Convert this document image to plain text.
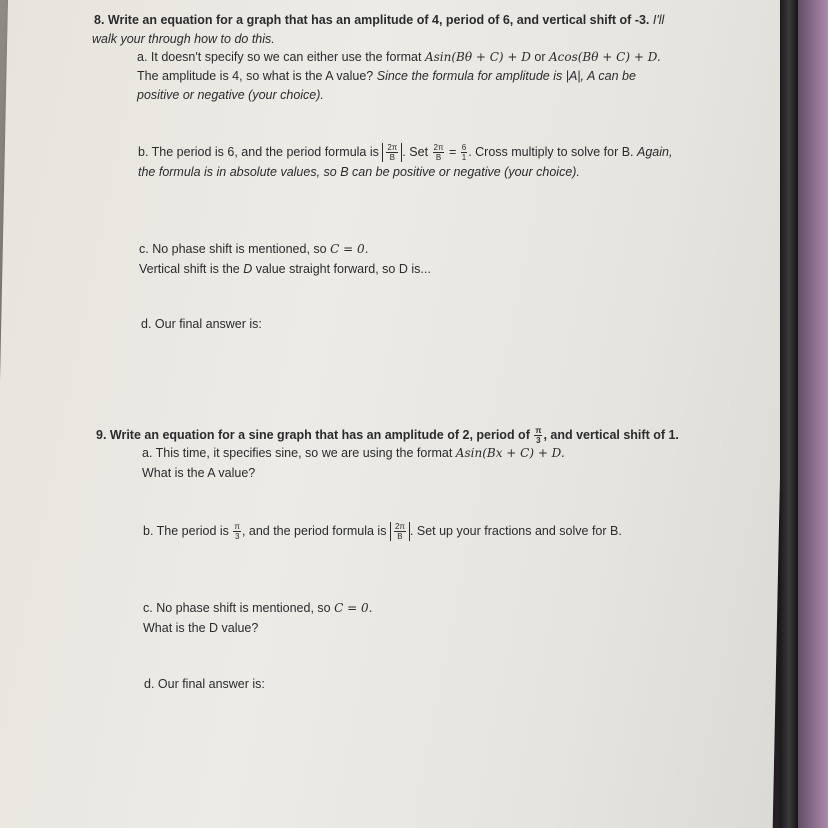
8. Write an equation for a graph that has an amplitude of 4, period of 6, and vertical shift of -3. I'll
walk your through how to do this.
a. It doesn't specify so we can either use the format Asin(Bθ + C) + D or Acos(Bθ + C) + D.
The amplitude is 4, so what is the A value? Since the formula for amplitude is |A|, A can be
positive or negative (your choice).
b. The period is 6, and the period formula is $\frac{2\pi}{B}$ . Set $\frac{2\pi}{B} = \frac{6}{1}$ . Cross multiply to solve for B. Again,
the formula is in absolute values, so B can be positive or negative (your choice).
c. No phase shift is mentioned, so C = 0.
Vertical shift is the D value straight forward, so D is...
d. Our final answer is:
9. Write an equation for a sine graph that has an amplitude of 2, period of $\frac{\pi}{3}$ , and vertical shift of 1.
a. This time, it specifies sine, so we are using the format Asin(Bx + C) + D.
What is the A value?
b. The period is $\frac{\pi}{3}$ , and the period formula is $\frac{2\pi}{B}$ . Set up your fractions and solve for B.
c. No phase shift is mentioned, so C = 0.
What is the D value?
d. Our final answer is:
